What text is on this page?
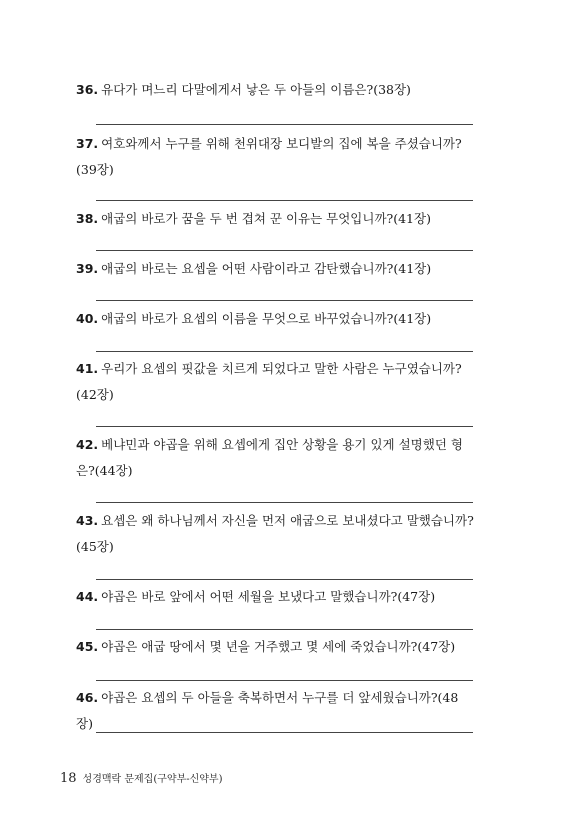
36. 유다가 며느리 다말에게서 낳은 두 아들의 이름은?(38장)
37. 여호와께서 누구를 위해 천위대장 보디발의 집에 복을 주셨습니까?(39장)
38. 애굽의 바로가 꿈을 두 번 겹쳐 꾼 이유는 무엇입니까?(41장)
39. 애굽의 바로는 요셉을 어떤 사람이라고 감탄했습니까?(41장)
40. 애굽의 바로가 요셉의 이름을 무엇으로 바꾸었습니까?(41장)
41. 우리가 요셉의 핏값을 치르게 되었다고 말한 사람은 누구였습니까?(42장)
42. 베냐민과 야곱을 위해 요셉에게 집안 상황을 용기 있게 설명했던 형은?(44장)
43. 요셉은 왜 하나님께서 자신을 먼저 애굽으로 보내셨다고 말했습니까?(45장)
44. 야곱은 바로 앞에서 어떤 세월을 보냈다고 말했습니까?(47장)
45. 야곱은 애굽 땅에서 몇 년을 거주했고 몇 세에 죽었습니까?(47장)
46. 야곱은 요셉의 두 아들을 축복하면서 누구를 더 앞세웠습니까?(48장)
18 성경맥락 문제집(구약부-신약부)
